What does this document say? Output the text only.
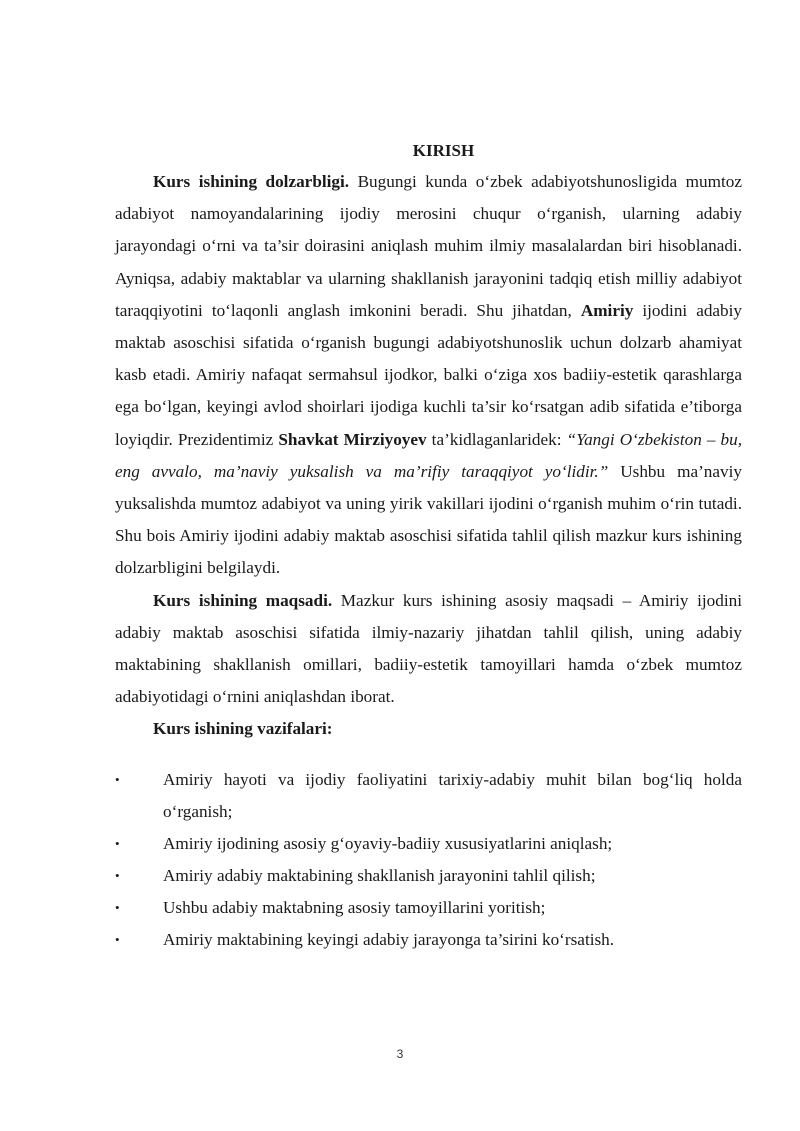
KIRISH

Kurs ishining dolzarbligi. Bugungi kunda o‘zbek adabiyotshunosligida mumtoz adabiyot namoyandalarining ijodiy merosini chuqur o‘rganish, ularning adabiy jarayondagi o‘rni va ta’sir doirasini aniqlash muhim ilmiy masalalardan biri hisoblanadi. Ayniqsa, adabiy maktablar va ularning shakllanish jarayonini tadqiq etish milliy adabiyot taraqqiyotini to‘laqonli anglash imkonini beradi. Shu jihatdan, Amiriy ijodini adabiy maktab asoschisi sifatida o‘rganish bugungi adabiyotshunoslik uchun dolzarb ahamiyat kasb etadi. Amiriy nafaqat sermahsul ijodkor, balki o‘ziga xos badiiy-estetik qarashlarga ega bo‘lgan, keyingi avlod shoirlari ijodiga kuchli ta’sir ko‘rsatgan adib sifatida e’tiborga loyiqdir. Prezidentimiz Shavkat Mirziyoyev ta’kidlaganlaridek: “Yangi O‘zbekiston – bu, eng avvalo, ma’naviy yuksalish va ma’rifiy taraqqiyot yo‘lidir.” Ushbu ma’naviy yuksalishda mumtoz adabiyot va uning yirik vakillari ijodini o‘rganish muhim o‘rin tutadi. Shu bois Amiriy ijodini adabiy maktab asoschisi sifatida tahlil qilish mazkur kurs ishining dolzarbligini belgilaydi.

Kurs ishining maqsadi. Mazkur kurs ishining asosiy maqsadi – Amiriy ijodini adabiy maktab asoschisi sifatida ilmiy-nazariy jihatdan tahlil qilish, uning adabiy maktabining shakllanish omillari, badiiy-estetik tamoyillari hamda o‘zbek mumtoz adabiyotidagi o‘rnini aniqlashdan iborat.

Kurs ishining vazifalari:

•	Amiriy hayoti va ijodiy faoliyatini tarixiy-adabiy muhit bilan bog‘liq holda o‘rganish;
•	Amiriy ijodining asosiy g‘oyaviy-badiiy xususiyatlarini aniqlash;
•	Amiriy adabiy maktabining shakllanish jarayonini tahlil qilish;
•	Ushbu adabiy maktabning asosiy tamoyillarini yoritish;
•	Amiriy maktabining keyingi adabiy jarayonga ta’sirini ko‘rsatish.
3
